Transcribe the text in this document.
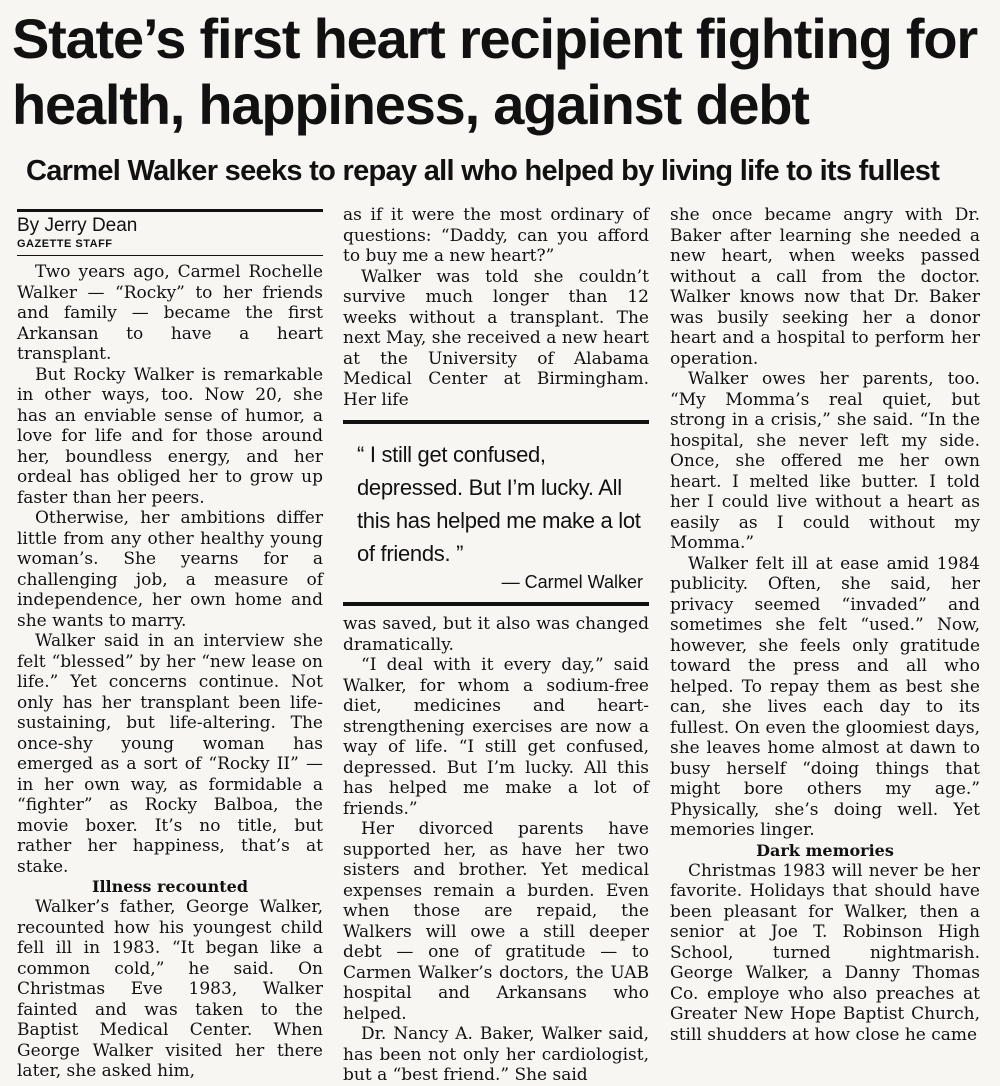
State’s first heart recipient fighting for health, happiness, against debt
Carmel Walker seeks to repay all who helped by living life to its fullest
By Jerry Dean
GAZETTE STAFF

Two years ago, Carmel Rochelle Walker — “Rocky” to her friends and family — became the first Arkansan to have a heart transplant.

But Rocky Walker is remarkable in other ways, too. Now 20, she has an enviable sense of humor, a love for life and for those around her, boundless energy, and her ordeal has obliged her to grow up faster than her peers.

Otherwise, her ambitions differ little from any other healthy young woman’s. She yearns for a challenging job, a measure of independence, her own home and she wants to marry.

Walker said in an interview she felt “blessed” by her “new lease on life.” Yet concerns continue. Not only has her transplant been life-sustaining, but life-altering. The once-shy young woman has emerged as a sort of “Rocky II” — in her own way, as formidable a “fighter” as Rocky Balboa, the movie boxer. It’s no title, but rather her happiness, that’s at stake.

Illness recounted

Walker’s father, George Walker, recounted how his youngest child fell ill in 1983. “It began like a common cold,” he said. On Christmas Eve 1983, Walker fainted and was taken to the Baptist Medical Center. When George Walker visited her there later, she asked him,

as if it were the most ordinary of questions: “Daddy, can you afford to buy me a new heart?”

Walker was told she couldn’t survive much longer than 12 weeks without a transplant. The next May, she received a new heart at the University of Alabama Medical Center at Birmingham. Her life

“ I still get confused, depressed. But I’m lucky. All this has helped me make a lot of friends. ”
— Carmel Walker

was saved, but it also was changed dramatically.

“I deal with it every day,” said Walker, for whom a sodium-free diet, medicines and heart-strengthening exercises are now a way of life. “I still get confused, depressed. But I’m lucky. All this has helped me make a lot of friends.”

Her divorced parents have supported her, as have her two sisters and brother. Yet medical expenses remain a burden. Even when those are repaid, the Walkers will owe a still deeper debt — one of gratitude — to Carmen Walker’s doctors, the UAB hospital and Arkansans who helped.

Dr. Nancy A. Baker, Walker said, has been not only her cardiologist, but a “best friend.” She said

she once became angry with Dr. Baker after learning she needed a new heart, when weeks passed without a call from the doctor. Walker knows now that Dr. Baker was busily seeking her a donor heart and a hospital to perform her operation.

Walker owes her parents, too. “My Momma’s real quiet, but strong in a crisis,” she said. “In the hospital, she never left my side. Once, she offered me her own heart. I melted like butter. I told her I could live without a heart as easily as I could without my Momma.”

Walker felt ill at ease amid 1984 publicity. Often, she said, her privacy seemed “invaded” and sometimes she felt “used.” Now, however, she feels only gratitude toward the press and all who helped. To repay them as best she can, she lives each day to its fullest. On even the gloomiest days, she leaves home almost at dawn to busy herself “doing things that might bore others my age.” Physically, she’s doing well. Yet memories linger.

Dark memories

Christmas 1983 will never be her favorite. Holidays that should have been pleasant for Walker, then a senior at Joe T. Robinson High School, turned nightmarish. George Walker, a Danny Thomas Co. employe who also preaches at Greater New Hope Baptist Church, still shudders at how close he came
